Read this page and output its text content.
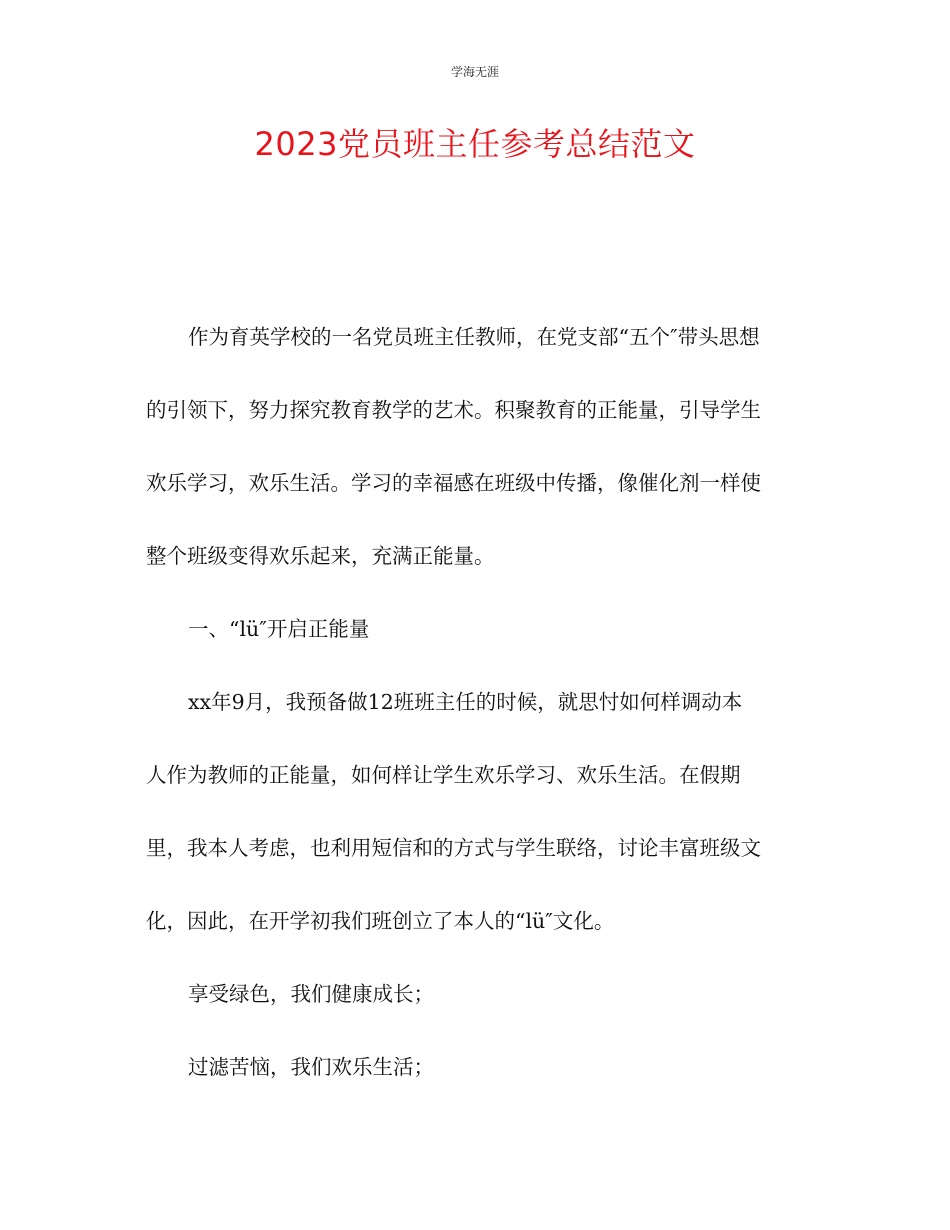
学海无涯
2023党员班主任参考总结范文
作为育英学校的一名党员班主任教师，在党支部“五个″带头思想
的引领下，努力探究教育教学的艺术。积聚教育的正能量，引导学生
欢乐学习，欢乐生活。学习的幸福感在班级中传播，像催化剂一样使
整个班级变得欢乐起来，充满正能量。
一、“lü″开启正能量
xx年9月，我预备做12班班主任的时候，就思忖如何样调动本
人作为教师的正能量，如何样让学生欢乐学习、欢乐生活。在假期
里，我本人考虑，也利用短信和的方式与学生联络，讨论丰富班级文
化，因此，在开学初我们班创立了本人的“lü″文化。
享受绿色，我们健康成长；
过滤苦恼，我们欢乐生活；
